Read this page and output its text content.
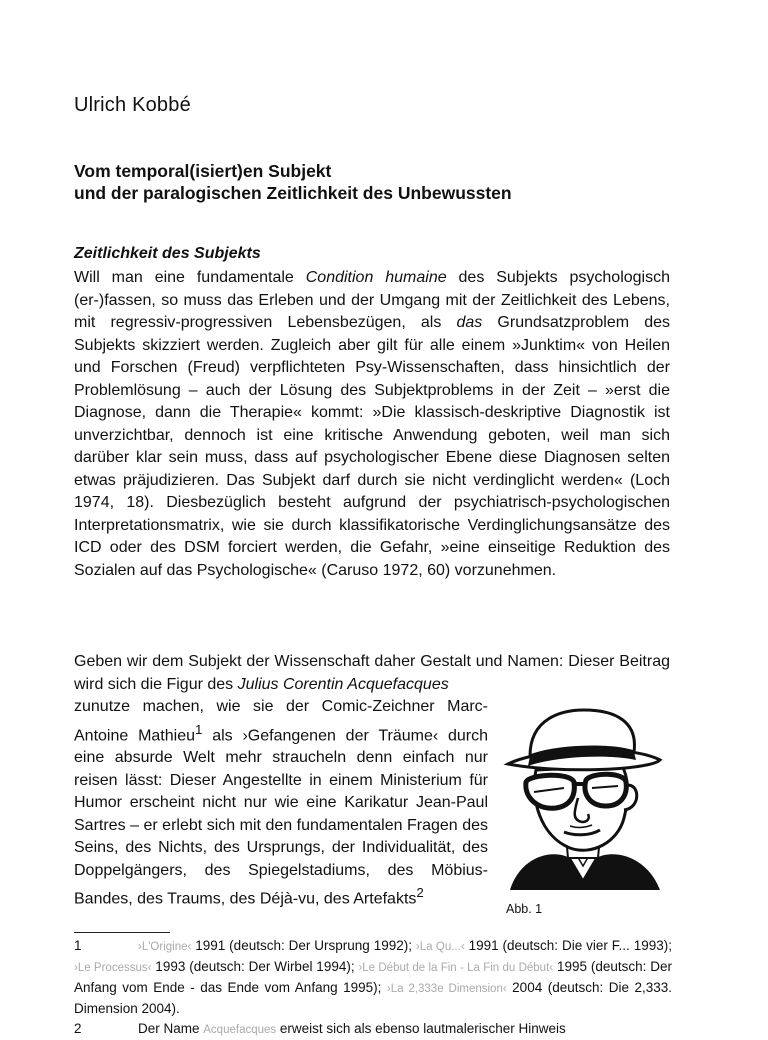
Ulrich Kobbé
Vom temporal(isiert)en Subjekt
und der paralogischen Zeitlichkeit des Unbewussten
Zeitlichkeit des Subjekts
Will man eine fundamentale Condition humaine des Subjekts psychologisch (er-)fassen, so muss das Erleben und der Umgang mit der Zeitlichkeit des Lebens, mit regressiv-progressiven Lebensbezügen, als das Grundsatzproblem des Subjekts skizziert werden. Zugleich aber gilt für alle einem »Junktim« von Heilen und Forschen (Freud) verpflichteten Psy-Wissenschaften, dass hinsichtlich der Problemlösung – auch der Lösung des Subjektproblems in der Zeit – »erst die Diagnose, dann die Therapie« kommt: »Die klassisch-deskriptive Diagnostik ist unverzichtbar, dennoch ist eine kritische Anwendung geboten, weil man sich darüber klar sein muss, dass auf psychologischer Ebene diese Diagnosen selten etwas präjudizieren. Das Subjekt darf durch sie nicht verdinglicht werden« (Loch 1974, 18). Diesbezüglich besteht aufgrund der psychiatrisch-psychologischen Interpretationsmatrix, wie sie durch klassifikatorische Verdinglichungsansätze des ICD oder des DSM forciert werden, die Gefahr, »eine einseitige Reduktion des Sozialen auf das Psychologische« (Caruso 1972, 60) vorzunehmen.
Geben wir dem Subjekt der Wissenschaft daher Gestalt und Namen: Dieser Beitrag wird sich die Figur des Julius Corentin Acquefacques
zunutze machen, wie sie der Comic-Zeichner Marc-Antoine Mathieu$^1$ als ›Gefangenen der Träume‹ durch eine absurde Welt mehr straucheln denn einfach nur reisen lässt: Dieser Angestellte in einem Ministerium für Humor erscheint nicht nur wie eine Karikatur Jean-Paul Sartres – er erlebt sich mit den fundamentalen Fragen des Seins, des Nichts, des Ursprungs, der Individualität, des Doppelgängers, des Spiegelstadiums, des Möbius-Bandes, des Traums, des Déjà-vu, des Artefakts$^2$
Abb. 1

1	›L'Origine‹ 1991 (deutsch: Der Ursprung 1992); ›La Qu...‹ 1991 (deutsch: Die vier F... 1993); ›Le Processus‹ 1993 (deutsch: Der Wirbel 1994); ›Le Début de la Fin - La Fin du Début‹ 1995 (deutsch: Der Anfang vom Ende - das Ende vom Anfang 1995); ›La 2,333e Dimension‹ 2004 (deutsch: Die 2,333. Dimension 2004).

2	Der Name Acquefacques erweist sich als ebenso lautmalerischer Hinweis
